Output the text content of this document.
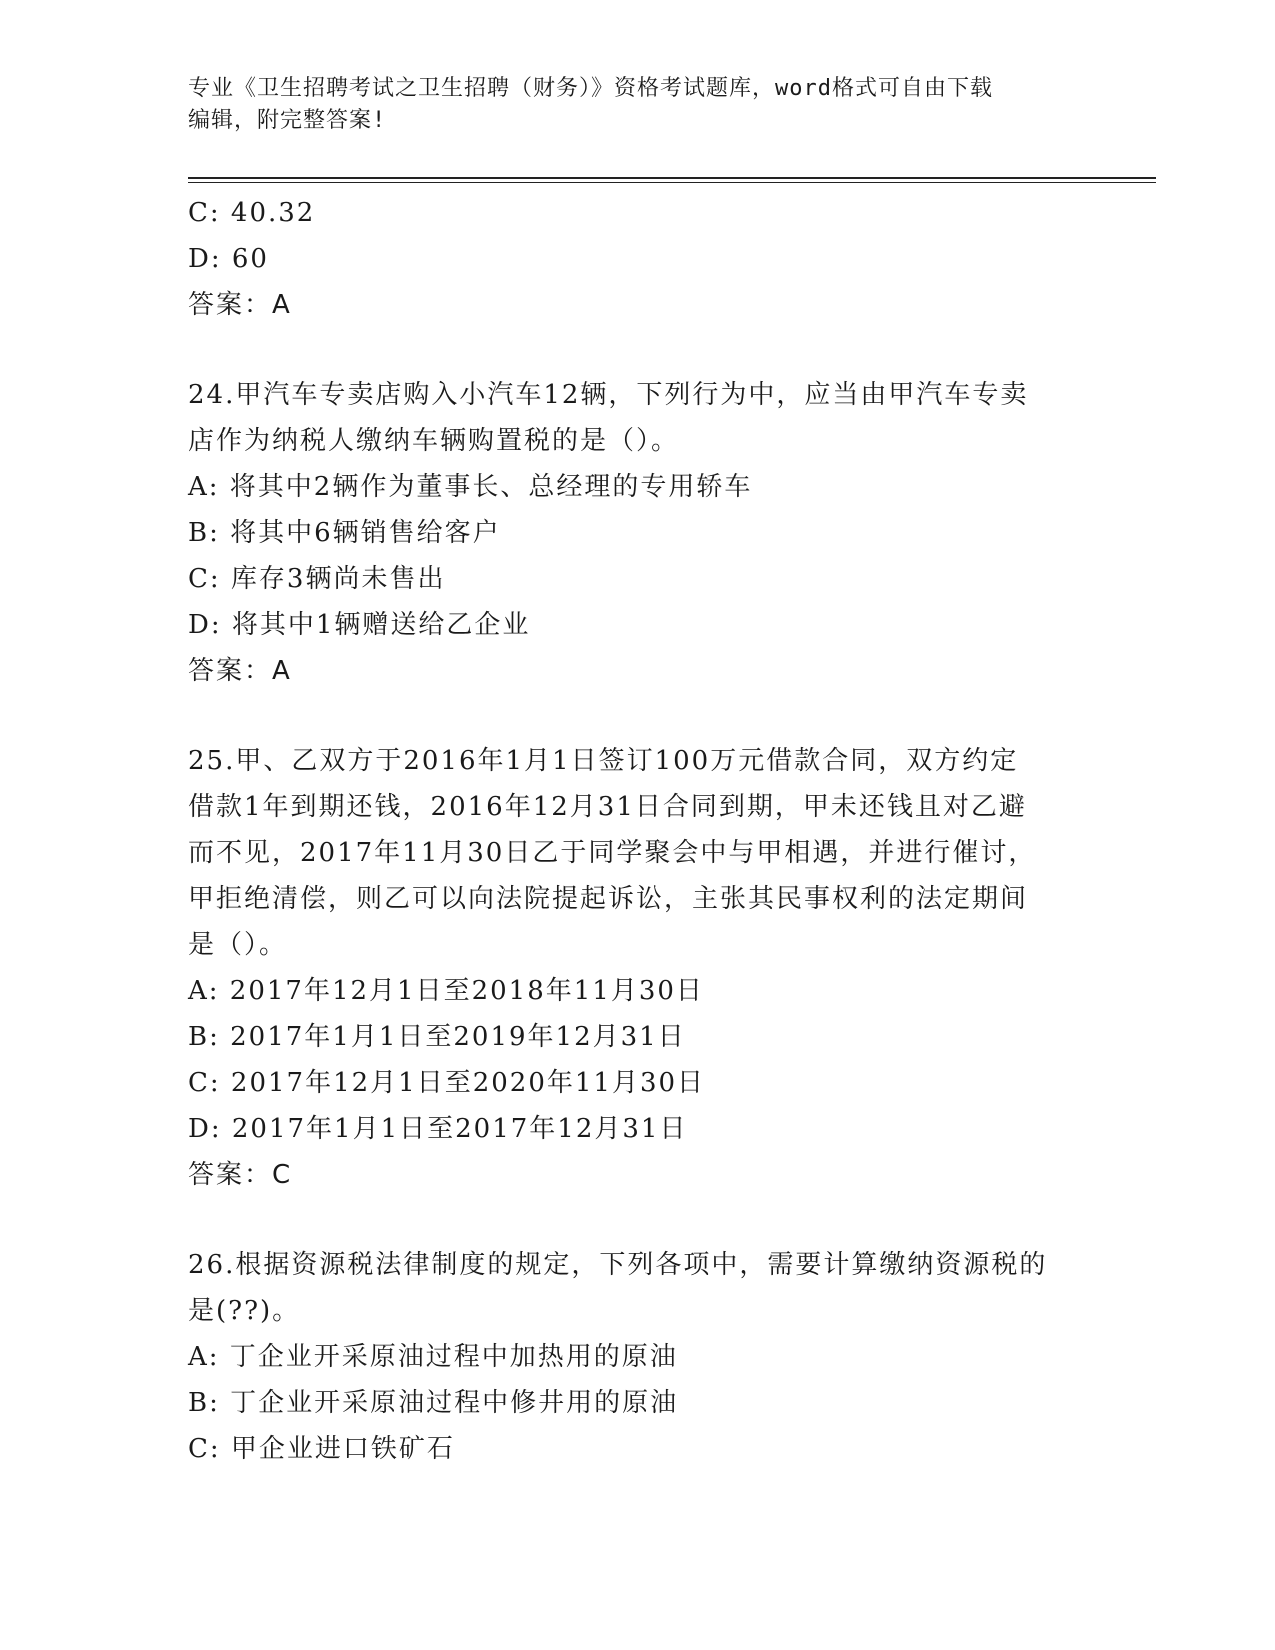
专业《卫生招聘考试之卫生招聘（财务）》资格考试题库，word格式可自由下载
编辑，附完整答案!
C: 40.32
D: 60
答案：A
24.甲汽车专卖店购入小汽车12辆，下列行为中，应当由甲汽车专卖
店作为纳税人缴纳车辆购置税的是（）。
A: 将其中2辆作为董事长、总经理的专用轿车
B: 将其中6辆销售给客户
C: 库存3辆尚未售出
D: 将其中1辆赠送给乙企业
答案：A
25.甲、乙双方于2016年1月1日签订100万元借款合同，双方约定
借款1年到期还钱，2016年12月31日合同到期，甲未还钱且对乙避
而不见，2017年11月30日乙于同学聚会中与甲相遇，并进行催讨，
甲拒绝清偿，则乙可以向法院提起诉讼，主张其民事权利的法定期间
是（）。
A: 2017年12月1日至2018年11月30日
B: 2017年1月1日至2019年12月31日
C: 2017年12月1日至2020年11月30日
D: 2017年1月1日至2017年12月31日
答案：C
26.根据资源税法律制度的规定，下列各项中，需要计算缴纳资源税的
是(??)。
A: 丁企业开采原油过程中加热用的原油
B: 丁企业开采原油过程中修井用的原油
C: 甲企业进口铁矿石
